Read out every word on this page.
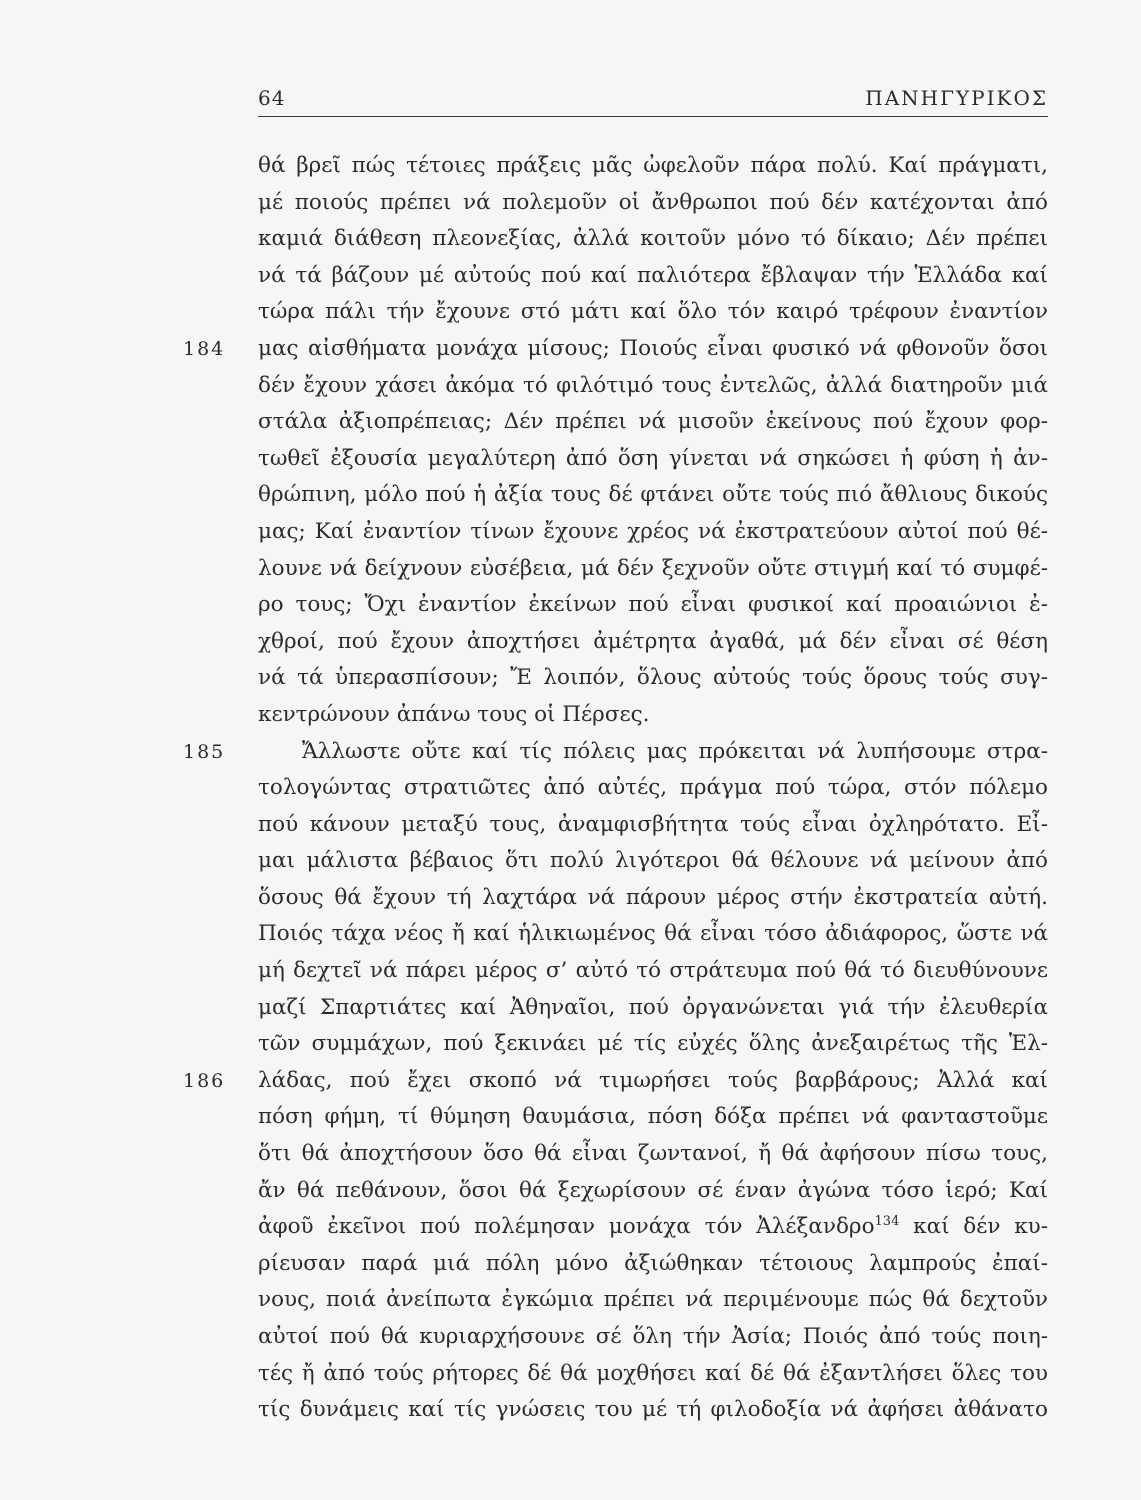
64	ΠΑΝΗΓΥΡΙΚΟΣ
θά βρεῖ πώς τέτοιες πράξεις μᾶς ὠφελοῦν πάρα πολύ. Καί πράγματι,
μέ ποιούς πρέπει νά πολεμοῦν οἱ ἄνθρωποι πού δέν κατέχονται ἀπό
καμιά διάθεση πλεονεξίας, ἀλλά κοιτοῦν μόνο τό δίκαιο; Δέν πρέπει
νά τά βάζουν μέ αὐτούς πού καί παλιότερα ἔβλαψαν τήν Ἑλλάδα καί
τώρα πάλι τήν ἔχουνε στό μάτι καί ὅλο τόν καιρό τρέφουν ἐναντίον
184 μας αἰσθήματα μονάχα μίσους; Ποιούς εἶναι φυσικό νά φθονοῦν ὅσοι
δέν ἔχουν χάσει ἀκόμα τό φιλότιμό τους ἐντελῶς, ἀλλά διατηροῦν μιά
στάλα ἀξιοπρέπειας; Δέν πρέπει νά μισοῦν ἐκείνους πού ἔχουν φορ-
τωθεῖ ἐξουσία μεγαλύτερη ἀπό ὅση γίνεται νά σηκώσει ἡ φύση ἡ ἀν-
θρώπινη, μόλο πού ἡ ἀξία τους δέ φτάνει οὔτε τούς πιό ἄθλιους δικούς
μας; Καί ἐναντίον τίνων ἔχουνε χρέος νά ἐκστρατεύουν αὐτοί πού θέ-
λουνε νά δείχνουν εὐσέβεια, μά δέν ξεχνοῦν οὔτε στιγμή καί τό συμφέ-
ρο τους; Ὄχι ἐναντίον ἐκείνων πού εἶναι φυσικοί καί προαιώνιοι ἐ-
χθροί, πού ἔχουν ἀποχτήσει ἀμέτρητα ἀγαθά, μά δέν εἶναι σέ θέση
νά τά ὑπερασπίσουν; Ἔ λοιπόν, ὅλους αὐτούς τούς ὅρους τούς συγ-
κεντρώνουν ἀπάνω τους οἱ Πέρσες.
185	Ἄλλωστε οὔτε καί τίς πόλεις μας πρόκειται νά λυπήσουμε στρα-
τολογώντας στρατιῶτες ἀπό αὐτές, πράγμα πού τώρα, στόν πόλεμο
πού κάνουν μεταξύ τους, ἀναμφισβήτητα τούς εἶναι ὀχληρότατο. Εἶ-
μαι μάλιστα βέβαιος ὅτι πολύ λιγότεροι θά θέλουνε νά μείνουν ἀπό
ὅσους θά ἔχουν τή λαχτάρα νά πάρουν μέρος στήν ἐκστρατεία αὐτή.
Ποιός τάχα νέος ἤ καί ἡλικιωμένος θά εἶναι τόσο ἀδιάφορος, ὥστε νά
μή δεχτεῖ νά πάρει μέρος σ’ αὐτό τό στράτευμα πού θά τό διευθύνουνε
μαζί Σπαρτιάτες καί Ἀθηναῖοι, πού ὀργανώνεται γιά τήν ἐλευθερία
τῶν συμμάχων, πού ξεκινάει μέ τίς εὐχές ὅλης ἀνεξαιρέτως τῆς Ἑλ-
186 λάδας, πού ἔχει σκοπό νά τιμωρήσει τούς βαρβάρους; Ἀλλά καί
πόση φήμη, τί θύμηση θαυμάσια, πόση δόξα πρέπει νά φανταστοῦμε
ὅτι θά ἀποχτήσουν ὅσο θά εἶναι ζωντανοί, ἤ θά ἀφήσουν πίσω τους,
ἄν θά πεθάνουν, ὅσοι θά ξεχωρίσουν σέ έναν ἀγώνα τόσο ἱερό; Καί
ἀφοῦ ἐκεῖνοι πού πολέμησαν μονάχα τόν Ἀλέξανδρο$^{134}$ καί δέν κυ-
ρίευσαν παρά μιά πόλη μόνο ἀξιώθηκαν τέτοιους λαμπρούς ἐπαί-
νους, ποιά ἀνείπωτα ἐγκώμια πρέπει νά περιμένουμε πώς θά δεχτοῦν
αὐτοί πού θά κυριαρχήσουνε σέ ὅλη τήν Ἀσία; Ποιός ἀπό τούς ποιη-
τές ἤ ἀπό τούς ρήτορες δέ θά μοχθήσει καί δέ θά ἐξαντλήσει ὅλες του
τίς δυνάμεις καί τίς γνώσεις του μέ τή φιλοδοξία νά ἀφήσει ἀθάνατο
